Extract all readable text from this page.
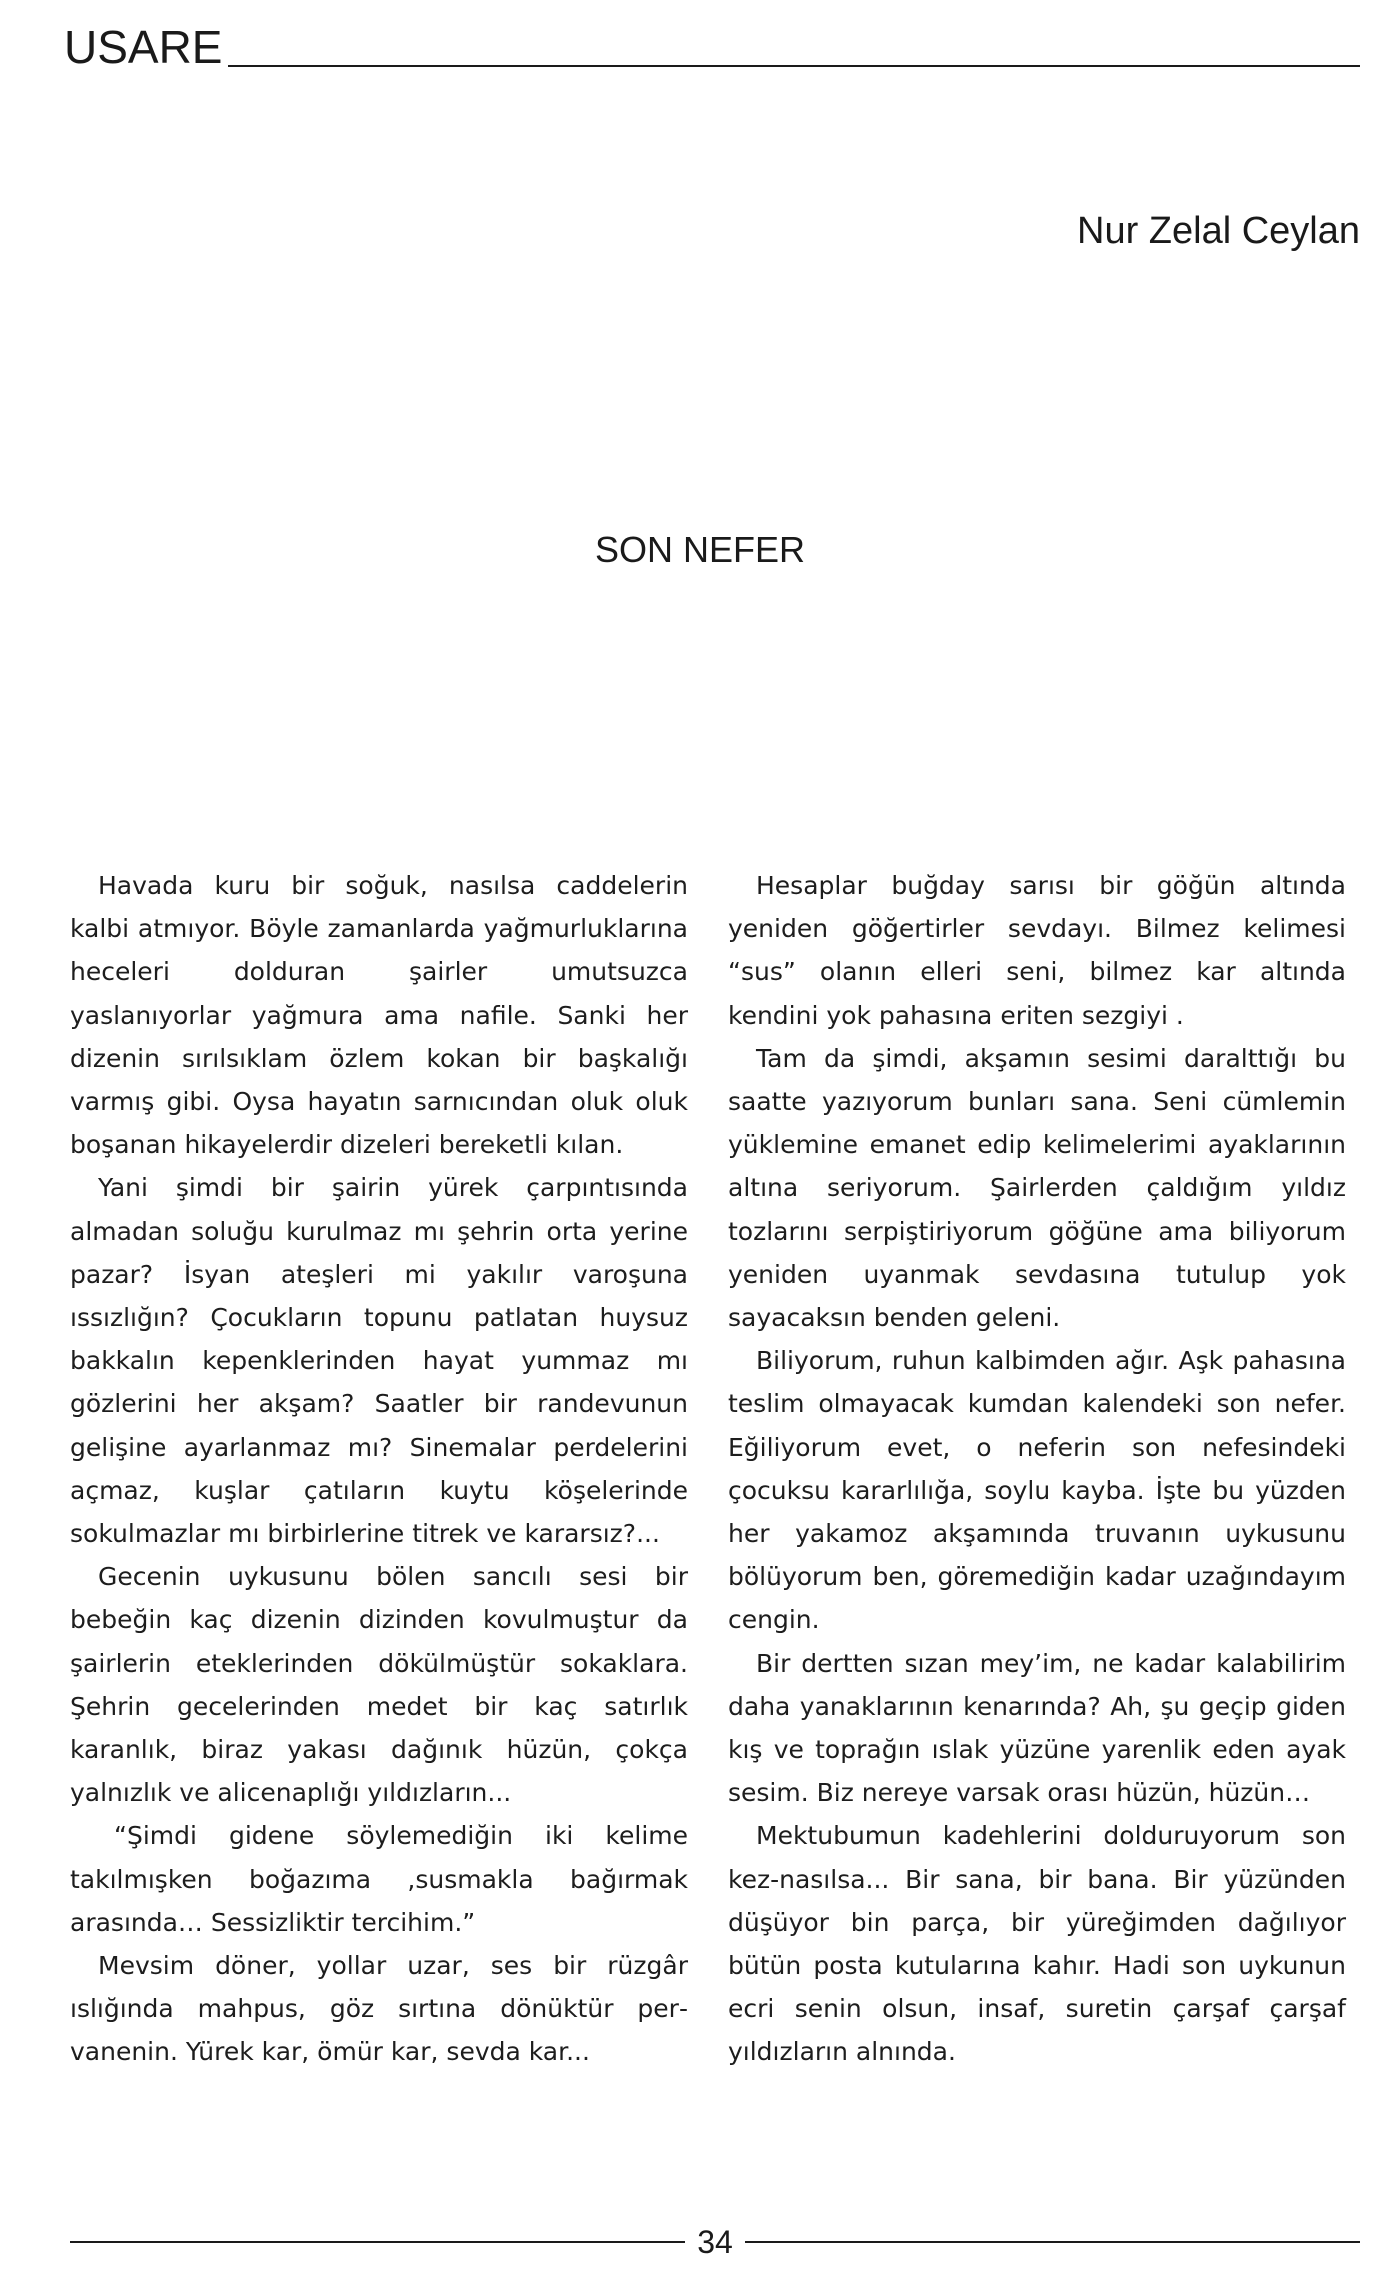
USARE
Nur Zelal Ceylan
SON NEFER

Havada kuru bir soğuk, nasılsa caddelerin kalbi atmıyor. Böyle zamanlarda yağmurluklarına heceleri dolduran şairler umutsuzca yaslanıyorlar yağmura ama nafile. Sanki her dizenin sırılsıklam özlem kokan bir başkalığı varmış gibi. Oysa hayatın sarnıcından oluk oluk boşanan hikayelerdir dizeleri bereketli kılan.

Yani şimdi bir şairin yürek çarpıntısında almadan soluğu kurulmaz mı şehrin orta yerine pazar? İsyan ateşleri mi yakılır varoşuna ıssızlığın? Çocukların topunu patlatan huysuz bakkalın kepenklerinden hayat yummaz mı gözlerini her akşam? Saatler bir randevunun gelişine ayarlanmaz mı? Sinemalar perdelerini açmaz, kuşlar çatıların kuytu köşelerinde sokulmazlar mı birbirlerine titrek ve kararsız?...

Gecenin uykusunu bölen sancılı sesi bir bebeğin kaç dizenin dizinden kovulmuştur da şairlerin eteklerinden dökülmüştür sokaklara. Şehrin gecelerinden medet bir kaç satırlık karanlık, biraz yakası dağınık hüzün, çokça yalnızlık ve alicenaplığı yıldızların...

“Şimdi gidene söylemediğin iki kelime takılmışken boğazıma ,susmakla bağırmak arasında… Sessizliktir tercihim.”

Mevsim döner, yollar uzar, ses bir rüzgâr ıslığında mahpus, göz sırtına dönüktür pervanenin. Yürek kar, ömür kar, sevda kar...

Hesaplar buğday sarısı bir göğün altında yeniden göğertirler sevdayı. Bilmez kelimesi “sus” olanın elleri seni, bilmez kar altında kendini yok pahasına eriten sezgiyi .

Tam da şimdi, akşamın sesimi daralttığı bu saatte yazıyorum bunları sana. Seni cümlemin yüklemine emanet edip kelimelerimi ayaklarının altına seriyorum. Şairlerden çaldığım yıldız tozlarını serpiştiriyorum göğüne ama biliyorum yeniden uyanmak sevdasına tutulup yok sayacaksın benden geleni.

Biliyorum, ruhun kalbimden ağır. Aşk pahasına teslim olmayacak kumdan kalendeki son nefer. Eğiliyorum evet, o neferin son nefesindeki çocuksu kararlılığa, soylu kayba. İşte bu yüzden her yakamoz akşamında truvanın uykusunu bölüyorum ben, göremediğin kadar uzağındayım cengin.

Bir dertten sızan mey’im, ne kadar kalabilirim daha yanaklarının kenarında? Ah, şu geçip giden kış ve toprağın ıslak yüzüne yarenlik eden ayak sesim. Biz nereye varsak orası hüzün, hüzün…

Mektubumun kadehlerini dolduruyorum son kez-nasılsa... Bir sana, bir bana. Bir yüzünden düşüyor bin parça, bir yüreğimden dağılıyor bütün posta kutularına kahır. Hadi son uykunun ecri senin olsun, insaf, suretin çarşaf çarşaf yıldızların alnında.

34
